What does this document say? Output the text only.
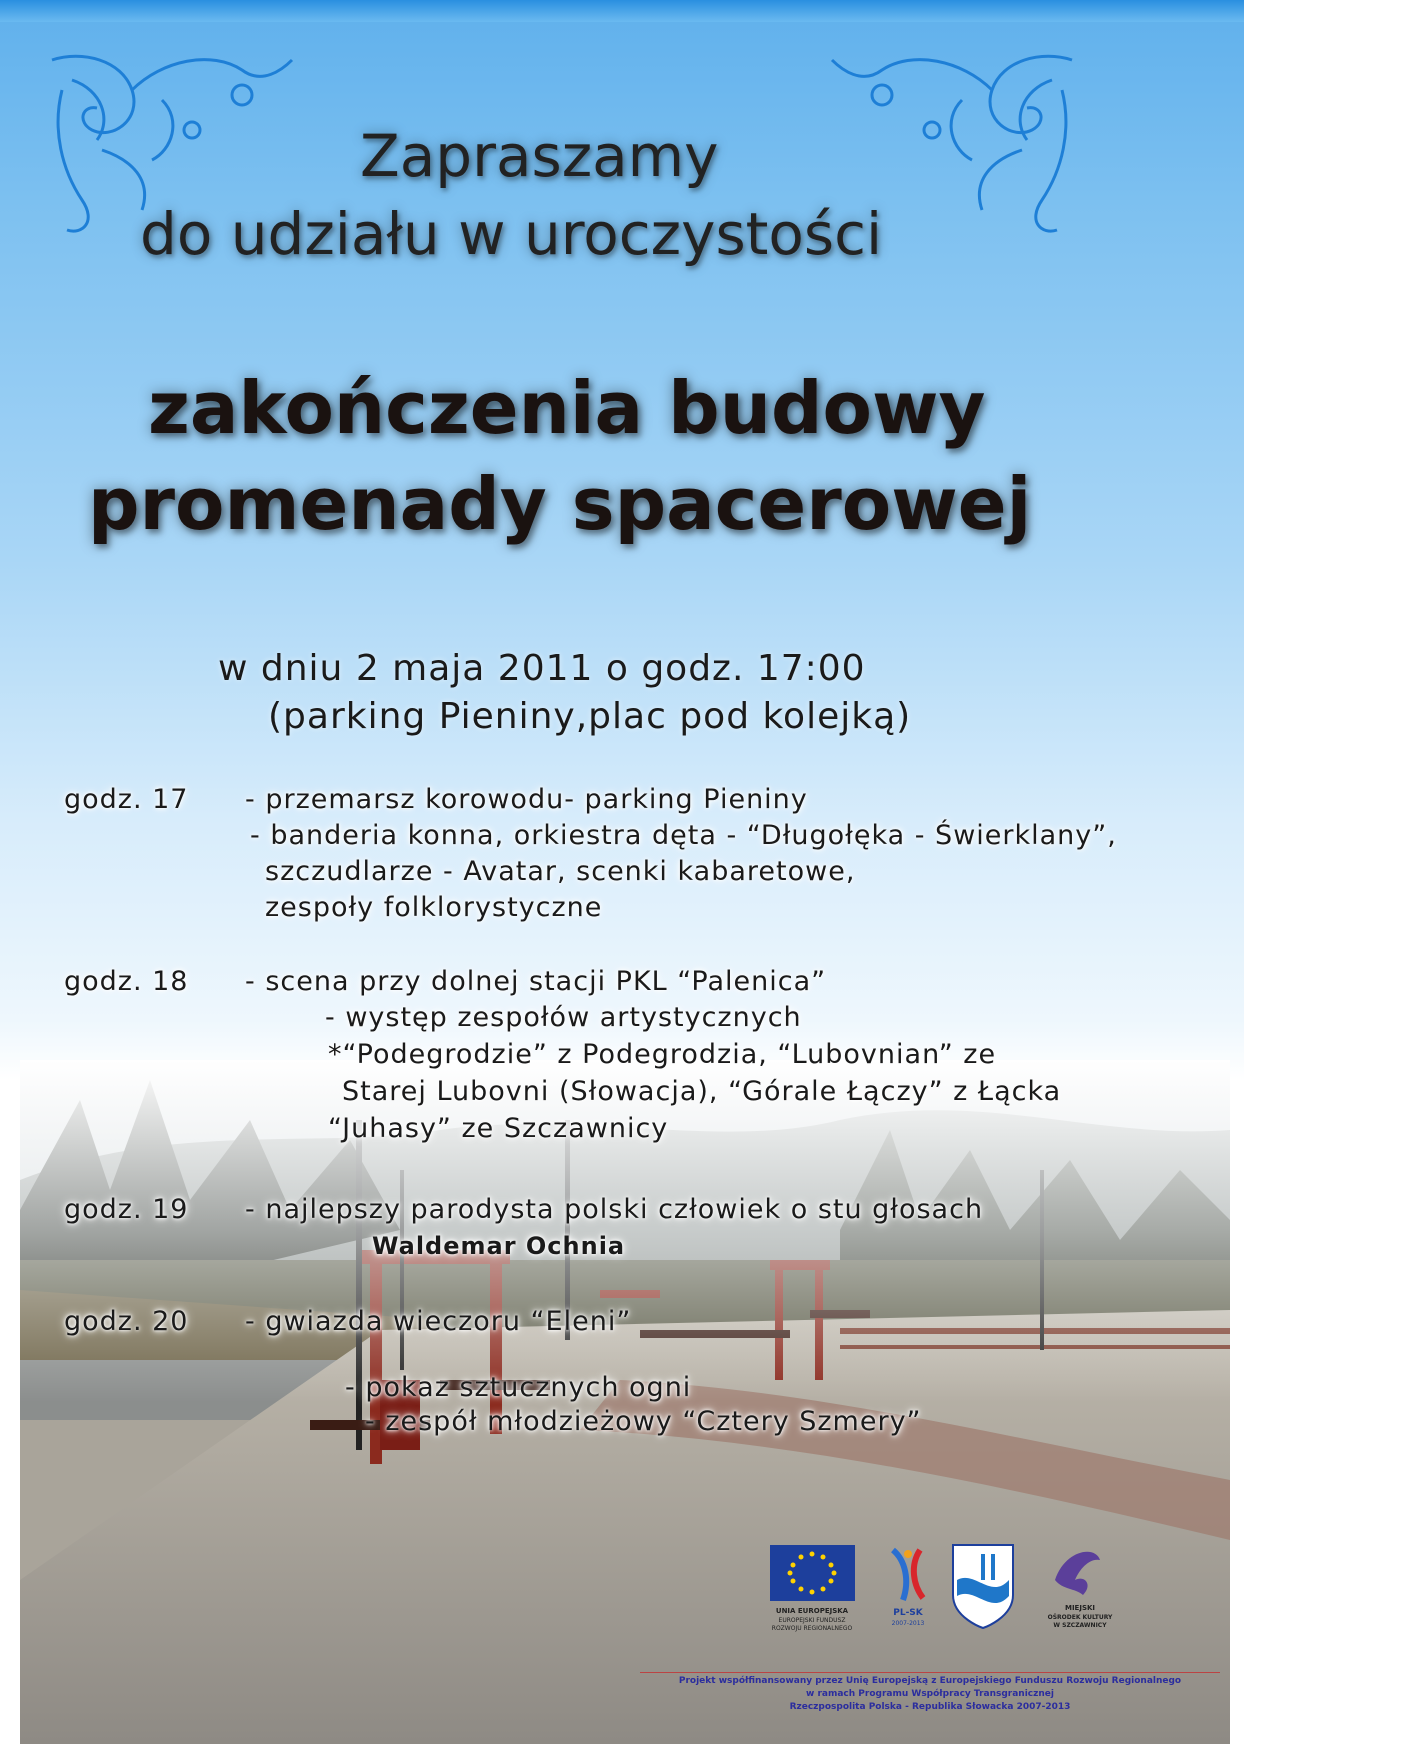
Zapraszamy
do udziału w uroczystości
zakończenia budowy
promenady spacerowej
w dniu 2 maja 2011 o godz. 17:00
(parking Pieniny,plac pod kolejką)
godz. 17 - przemarsz korowodu- parking Pieniny
- banderia konna, orkiestra dęta - “Długołęka - Świerklany”,
szczudlarze - Avatar, scenki kabaretowe,
zespoły folklorystyczne
godz. 18 - scena przy dolnej stacji PKL “Palenica”
- występ zespołów artystycznych
*“Podegrodzie” z Podegrodzia, “Lubovnian” ze
Starej Lubovni (Słowacja), “Górale Łączy” z Łącka
“Juhasy” ze Szczawnicy
godz. 19 - najlepszy parodysta polski człowiek o stu głosach
Waldemar Ochnia
godz. 20 - gwiazda wieczoru “Eleni”
- pokaz sztucznych ogni
- zespół młodzieżowy “Cztery Szmery”
UNIA EUROPEJSKA
EUROPEJSKI FUNDUSZ
ROZWOJU REGIONALNEGO
PL-SK
2007-2013
MIEJSKI
OŚRODEK KULTURY
W SZCZAWNICY
Projekt współfinansowany przez Unię Europejską z Europejskiego Funduszu Rozwoju Regionalnego
w ramach Programu Współpracy Transgranicznej
Rzeczpospolita Polska - Republika Słowacka 2007-2013
